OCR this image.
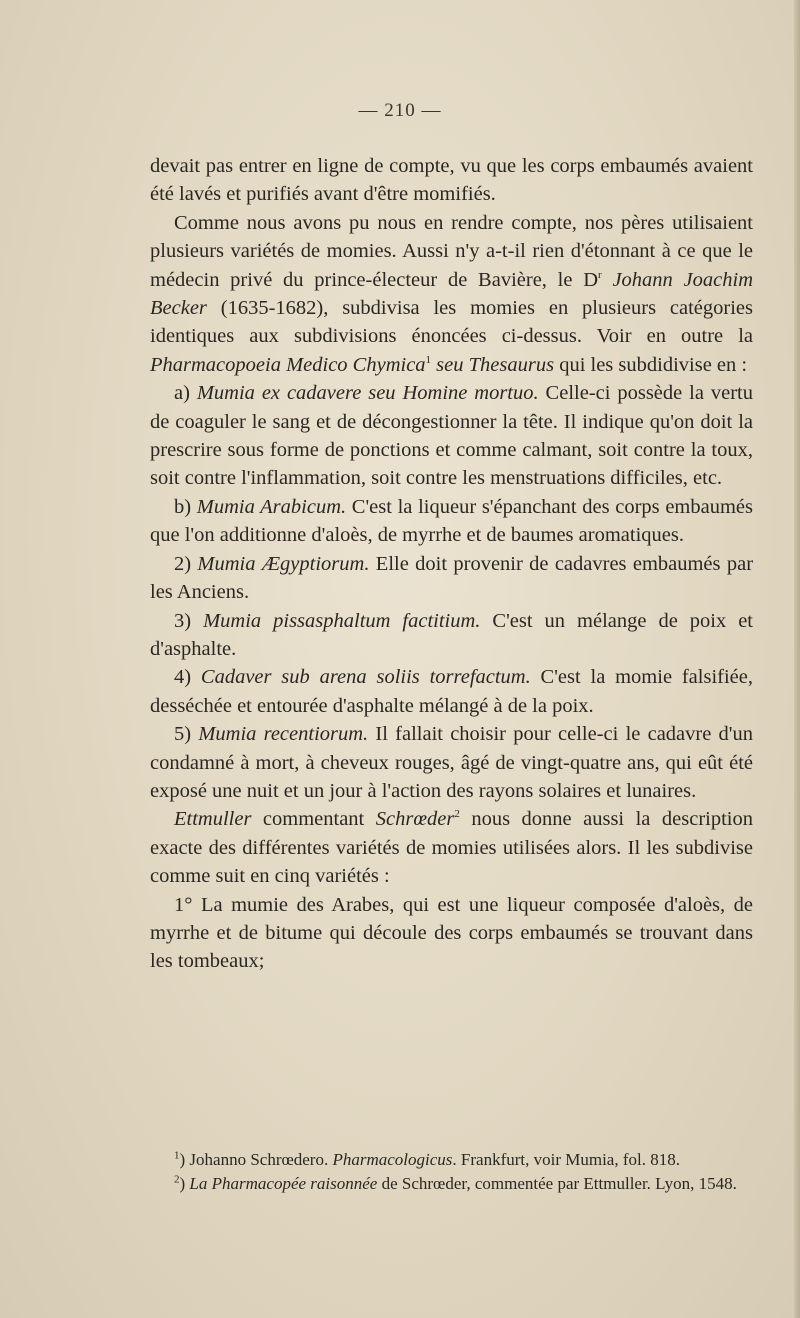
— 210 —

devait pas entrer en ligne de compte, vu que les corps embaumés avaient été lavés et purifiés avant d'être momifiés.

Comme nous avons pu nous en rendre compte, nos pères utilisaient plusieurs variétés de momies. Aussi n'y a-t-il rien d'étonnant à ce que le médecin privé du prince-électeur de Bavière, le $D^r$ Johann Joachim Becker (1635-1682), subdivisa les momies en plusieurs catégories identiques aux subdivisions énoncées ci-dessus. Voir en outre la Pharmacopoeia Medico Chymica$^1$ seu Thesaurus qui les subdidivise en :

a) Mumia ex cadavere seu Homine mortuo. Celle-ci possède la vertu de coaguler le sang et de décongestionner la tête. Il indique qu'on doit la prescrire sous forme de ponctions et comme calmant, soit contre la toux, soit contre l'inflammation, soit contre les menstruations difficiles, etc.

b) Mumia Arabicum. C'est la liqueur s'épanchant des corps embaumés que l'on additionne d'aloès, de myrrhe et de baumes aromatiques.

2) Mumia Ægyptiorum. Elle doit provenir de cadavres embaumés par les Anciens.

3) Mumia pissasphaltum factitium. C'est un mélange de poix et d'asphalte.

4) Cadaver sub arena soliis torrefactum. C'est la momie falsifiée, desséchée et entourée d'asphalte mélangé à de la poix.

5) Mumia recentiorum. Il fallait choisir pour celle-ci le cadavre d'un condamné à mort, à cheveux rouges, âgé de vingt-quatre ans, qui eût été exposé une nuit et un jour à l'action des rayons solaires et lunaires.

Ettmuller commentant Schrœder$^2$ nous donne aussi la description exacte des différentes variétés de momies utilisées alors. Il les subdivise comme suit en cinq variétés :

1° La mumie des Arabes, qui est une liqueur composée d'aloès, de myrrhe et de bitume qui découle des corps embaumés se trouvant dans les tombeaux;

$^1$) Johanno Schrœdero. Pharmacologicus. Frankfurt, voir Mumia, fol. 818.

$^2$) La Pharmacopée raisonnée de Schrœder, commentée par Ettmuller. Lyon, 1548.
